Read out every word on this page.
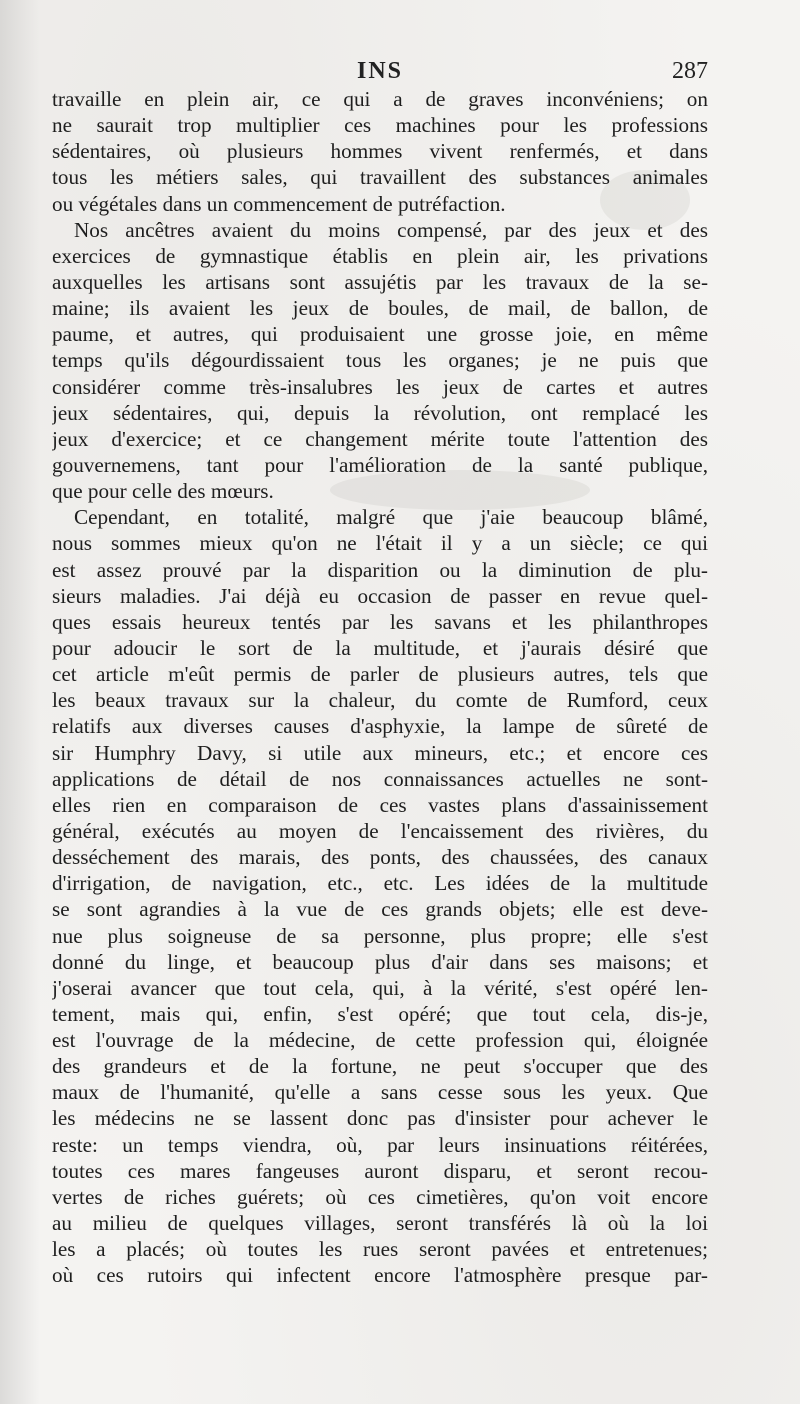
INS	287
travaille en plein air, ce qui a de graves inconvéniens; on
ne saurait trop multiplier ces machines pour les professions
sédentaires, où plusieurs hommes vivent renfermés, et dans
tous les métiers sales, qui travaillent des substances animales
ou végétales dans un commencement de putréfaction.
Nos ancêtres avaient du moins compensé, par des jeux et des
exercices de gymnastique établis en plein air, les privations
auxquelles les artisans sont assujétis par les travaux de la se-
maine; ils avaient les jeux de boules, de mail, de ballon, de
paume, et autres, qui produisaient une grosse joie, en même
temps qu'ils dégourdissaient tous les organes; je ne puis que
considérer comme très-insalubres les jeux de cartes et autres
jeux sédentaires, qui, depuis la révolution, ont remplacé les
jeux d'exercice; et ce changement mérite toute l'attention des
gouvernemens, tant pour l'amélioration de la santé publique,
que pour celle des mœurs.
Cependant, en totalité, malgré que j'aie beaucoup blâmé,
nous sommes mieux qu'on ne l'était il y a un siècle; ce qui
est assez prouvé par la disparition ou la diminution de plu-
sieurs maladies. J'ai déjà eu occasion de passer en revue quel-
ques essais heureux tentés par les savans et les philanthropes
pour adoucir le sort de la multitude, et j'aurais désiré que
cet article m'eût permis de parler de plusieurs autres, tels que
les beaux travaux sur la chaleur, du comte de Rumford, ceux
relatifs aux diverses causes d'asphyxie, la lampe de sûreté de
sir Humphry Davy, si utile aux mineurs, etc.; et encore ces
applications de détail de nos connaissances actuelles ne sont-
elles rien en comparaison de ces vastes plans d'assainissement
général, exécutés au moyen de l'encaissement des rivières, du
desséchement des marais, des ponts, des chaussées, des canaux
d'irrigation, de navigation, etc., etc. Les idées de la multitude
se sont agrandies à la vue de ces grands objets; elle est deve-
nue plus soigneuse de sa personne, plus propre; elle s'est
donné du linge, et beaucoup plus d'air dans ses maisons; et
j'oserai avancer que tout cela, qui, à la vérité, s'est opéré len-
tement, mais qui, enfin, s'est opéré; que tout cela, dis-je,
est l'ouvrage de la médecine, de cette profession qui, éloignée
des grandeurs et de la fortune, ne peut s'occuper que des
maux de l'humanité, qu'elle a sans cesse sous les yeux. Que
les médecins ne se lassent donc pas d'insister pour achever le
reste: un temps viendra, où, par leurs insinuations réitérées,
toutes ces mares fangeuses auront disparu, et seront recou-
vertes de riches guérets; où ces cimetières, qu'on voit encore
au milieu de quelques villages, seront transférés là où la loi
les a placés; où toutes les rues seront pavées et entretenues;
où ces rutoirs qui infectent encore l'atmosphère presque par-
